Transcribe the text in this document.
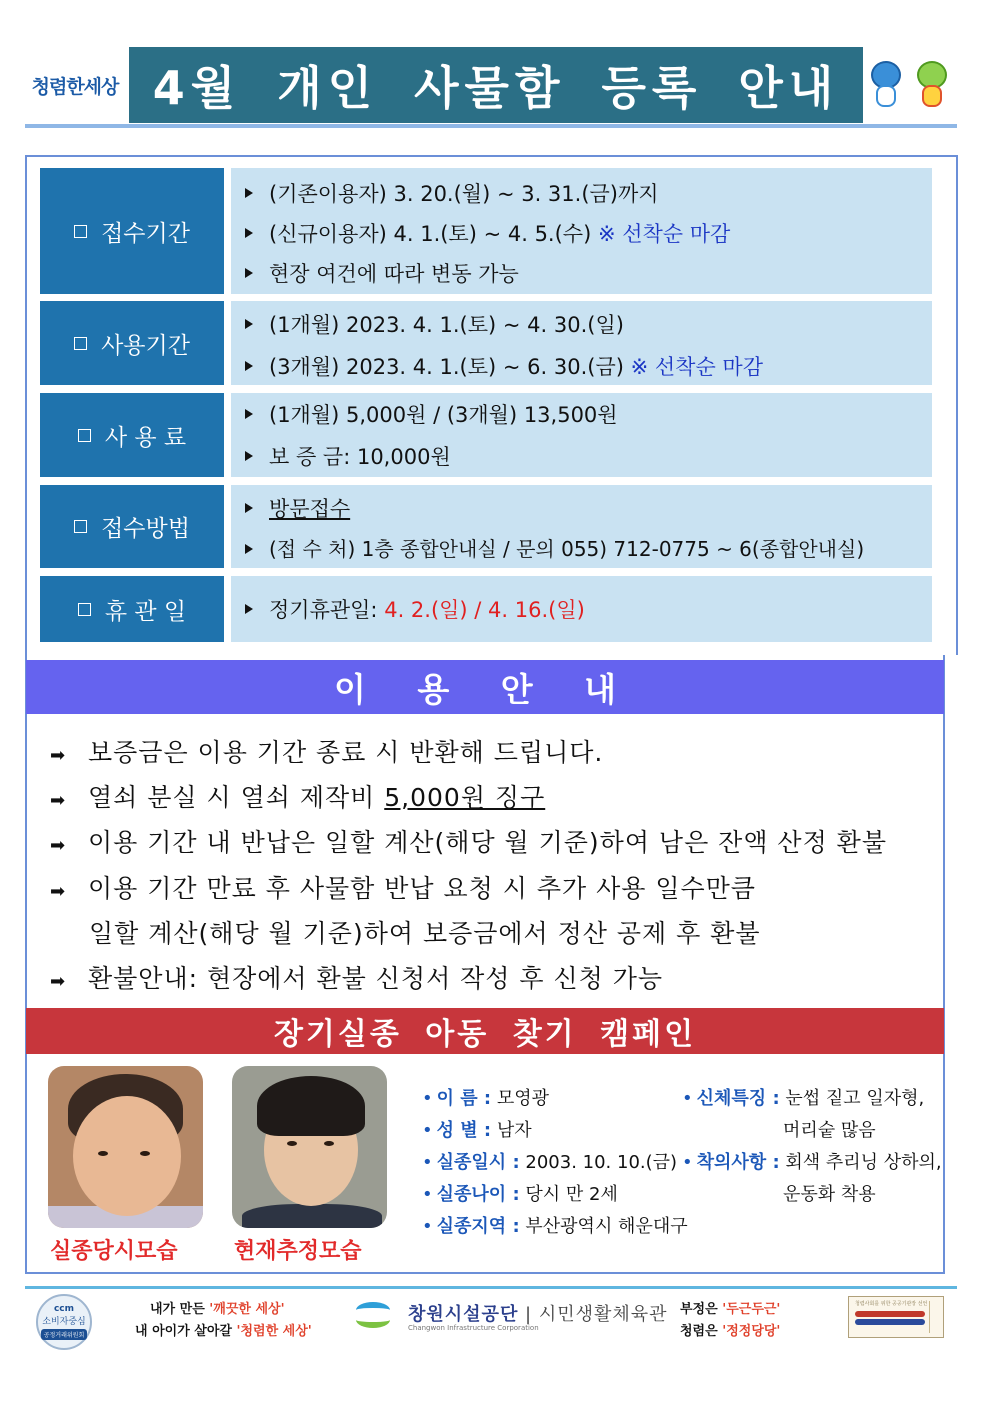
청렴한세상 4월 개인 사물함 등록 안내
접수기간
(기존이용자) 3. 20.(월) ~ 3. 31.(금)까지
(신규이용자) 4. 1.(토) ~ 4. 5.(수) ※ 선착순 마감
현장 여건에 따라 변동 가능
사용기간
(1개월) 2023. 4. 1.(토) ~ 4. 30.(일)
(3개월) 2023. 4. 1.(토) ~ 6. 30.(금) ※ 선착순 마감
사 용 료
(1개월) 5,000원 / (3개월) 13,500원
보 증 금: 10,000원
접수방법
방문접수
(접 수 처) 1층 종합안내실 / 문의 055) 712-0775 ~ 6(종합안내실)
휴 관 일	정기휴관일: 4. 2.(일) / 4. 16.(일)
이 용 안 내
➡ 보증금은 이용 기간 종료 시 반환해 드립니다.
➡ 열쇠 분실 시 열쇠 제작비 5,000원 징구
➡ 이용 기간 내 반납은 일할 계산(해당 월 기준)하여 남은 잔액 산정 환불
➡ 이용 기간 만료 후 사물함 반납 요청 시 추가 사용 일수만큼
일할 계산(해당 월 기준)하여 보증금에서 정산 공제 후 환불
➡ 환불안내: 현장에서 환불 신청서 작성 후 신청 가능
장기실종 아동 찾기 캠페인
실종당시모습	현재추정모습
• 이 름 : 모영광
• 성 별 : 남자
• 실종일시 : 2003. 10. 10.(금)
• 실종나이 : 당시 만 2세
• 실종지역 : 부산광역시 해운대구
• 신체특징 : 눈썹 짙고 일자형,
머리숱 많음
• 착의사항 : 회색 추리닝 상하의,
운동화 착용
ccm
소비자중심
공정거래위원회
내가 만든 '깨끗한 세상'
내 아이가 살아갈 '청렴한 세상'
창원시설공단 | 시민생활체육관
Changwon Infrastructure Corporation
부정은 '두근두근'
청렴은 '정정당당'
청렴사회를 위한 공공기관장 선언
